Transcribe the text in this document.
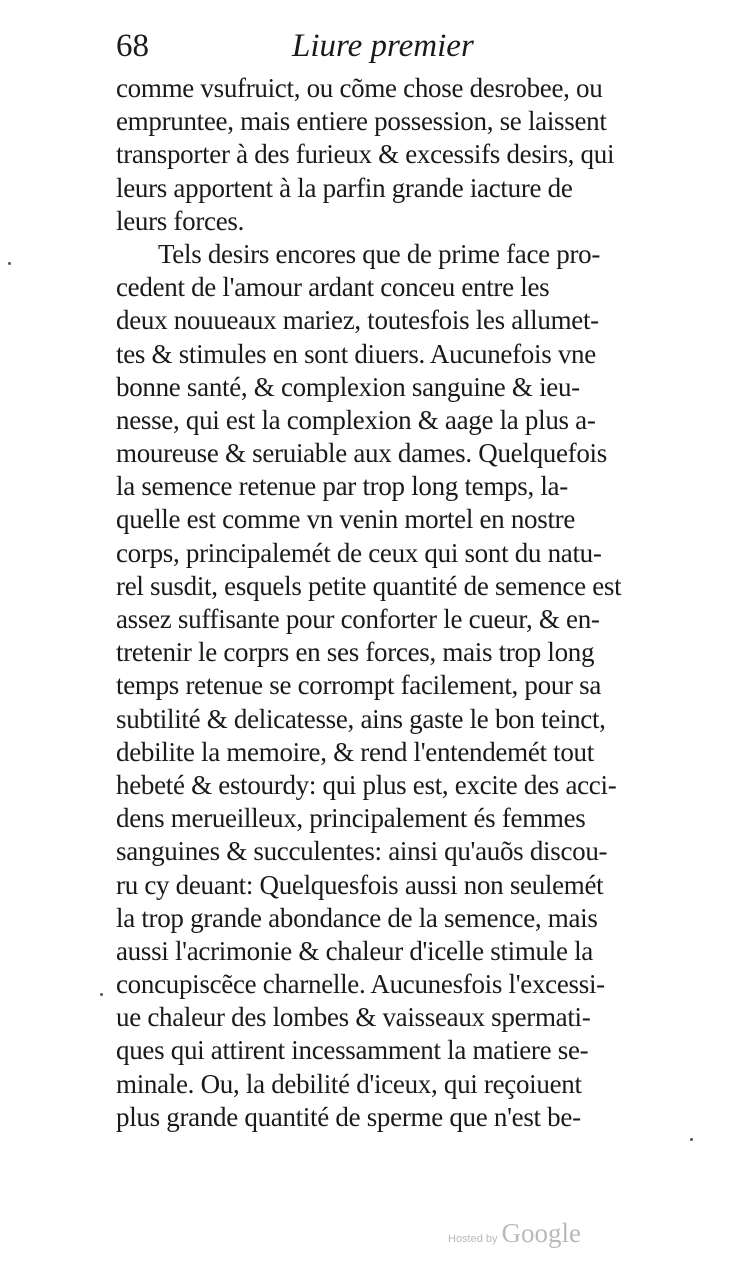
68	Liure premier
comme vsufruict, ou cõme chose desrobee, ou
empruntee, mais entiere possession, se laissent
transporter à des furieux & excessifs desirs, qui
leurs apportent à la parfin grande iacture de
leurs forces.
Tels desirs encores que de prime face pro-
cedent de l'amour ardant conceu entre les
deux nouueaux mariez, toutesfois les allumet-
tes & stimules en sont diuers. Aucunefois vne
bonne santé, & complexion sanguine & ieu-
nesse, qui est la complexion & aage la plus a-
moureuse & seruiable aux dames. Quelquefois
la semence retenue par trop long temps, la-
quelle est comme vn venin mortel en nostre
corps, principalemét de ceux qui sont du natu-
rel susdit, esquels petite quantité de semence est
assez suffisante pour conforter le cueur, & en-
tretenir le corprs en ses forces, mais trop long
temps retenue se corrompt facilement, pour sa
subtilité & delicatesse, ains gaste le bon teinct,
debilite la memoire, & rend l'entendemét tout
hebeté & estourdy: qui plus est, excite des acci-
dens merueilleux, principalement és femmes
sanguines & succulentes: ainsi qu'auõs discou-
ru cy deuant: Quelquesfois aussi non seulemét
la trop grande abondance de la semence, mais
aussi l'acrimonie & chaleur d'icelle stimule la
concupiscẽce charnelle. Aucunesfois l'excessi-
ue chaleur des lombes & vaisseaux spermati-
ques qui attirent incessamment la matiere se-
minale. Ou, la debilité d'iceux, qui reçoiuent
plus grande quantité de sperme que n'est be-
Hosted by Google
